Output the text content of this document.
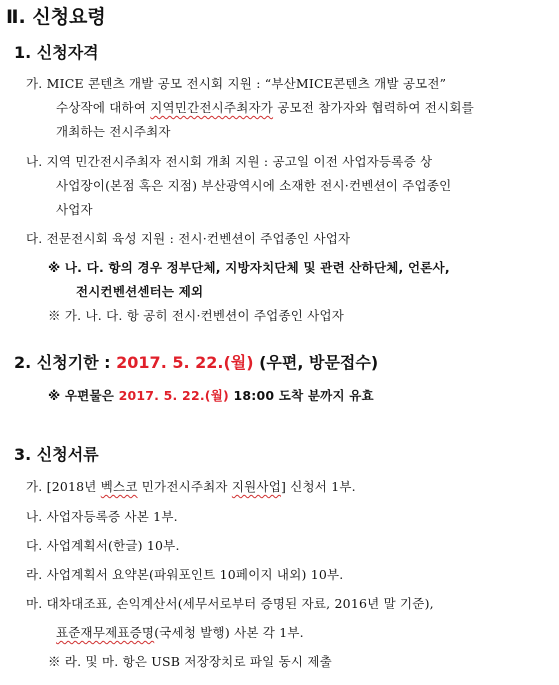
Ⅱ. 신청요령
1. 신청자격
가. MICE 콘텐츠 개발 공모 전시회 지원 : “부산MICE콘텐츠 개발 공모전”
수상작에 대하여 지역민간전시주최자가 공모전 참가자와 협력하여 전시회를
개최하는 전시주최자
나. 지역 민간전시주최자 전시회 개최 지원 : 공고일 이전 사업자등록증 상
사업장이(본점 혹은 지점) 부산광역시에 소재한 전시·컨벤션이 주업종인
사업자
다. 전문전시회 육성 지원 : 전시·컨벤션이 주업종인 사업자
※ 나. 다. 항의 경우 정부단체, 지방자치단체 및 관련 산하단체, 언론사,
전시컨벤션센터는 제외
※ 가. 나. 다. 항 공히 전시·컨벤션이 주업종인 사업자
2. 신청기한 : 2017. 5. 22.(월) (우편, 방문접수)
※ 우편물은 2017. 5. 22.(월) 18:00 도착 분까지 유효
3. 신청서류
가. [2018년 벡스코 민가전시주최자 지원사업] 신청서 1부.
나. 사업자등록증 사본 1부.
다. 사업계획서(한글) 10부.
라. 사업계획서 요약본(파워포인트 10페이지 내외) 10부.
마. 대차대조표, 손익계산서(세무서로부터 증명된 자료, 2016년 말 기준),
표준재무제표증명(국세청 발행) 사본 각 1부.
※ 라. 및 마. 항은 USB 저장장치로 파일 동시 제출
